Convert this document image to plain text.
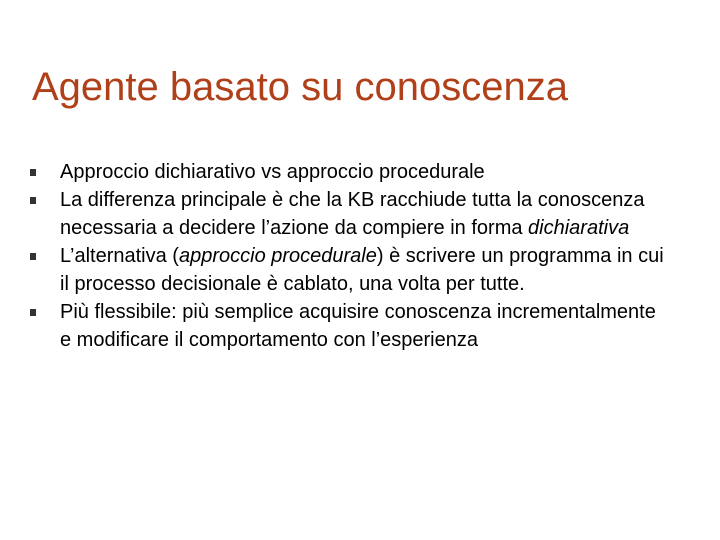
Agente basato su conoscenza
Approccio dichiarativo vs approccio procedurale
La differenza principale è che la KB racchiude tutta la conoscenza necessaria a decidere l’azione da compiere in forma dichiarativa
L’alternativa (approccio procedurale) è scrivere un programma in cui il processo decisionale è cablato, una volta per tutte.
Più flessibile: più semplice acquisire conoscenza incrementalmente e modificare il comportamento con l’esperienza
